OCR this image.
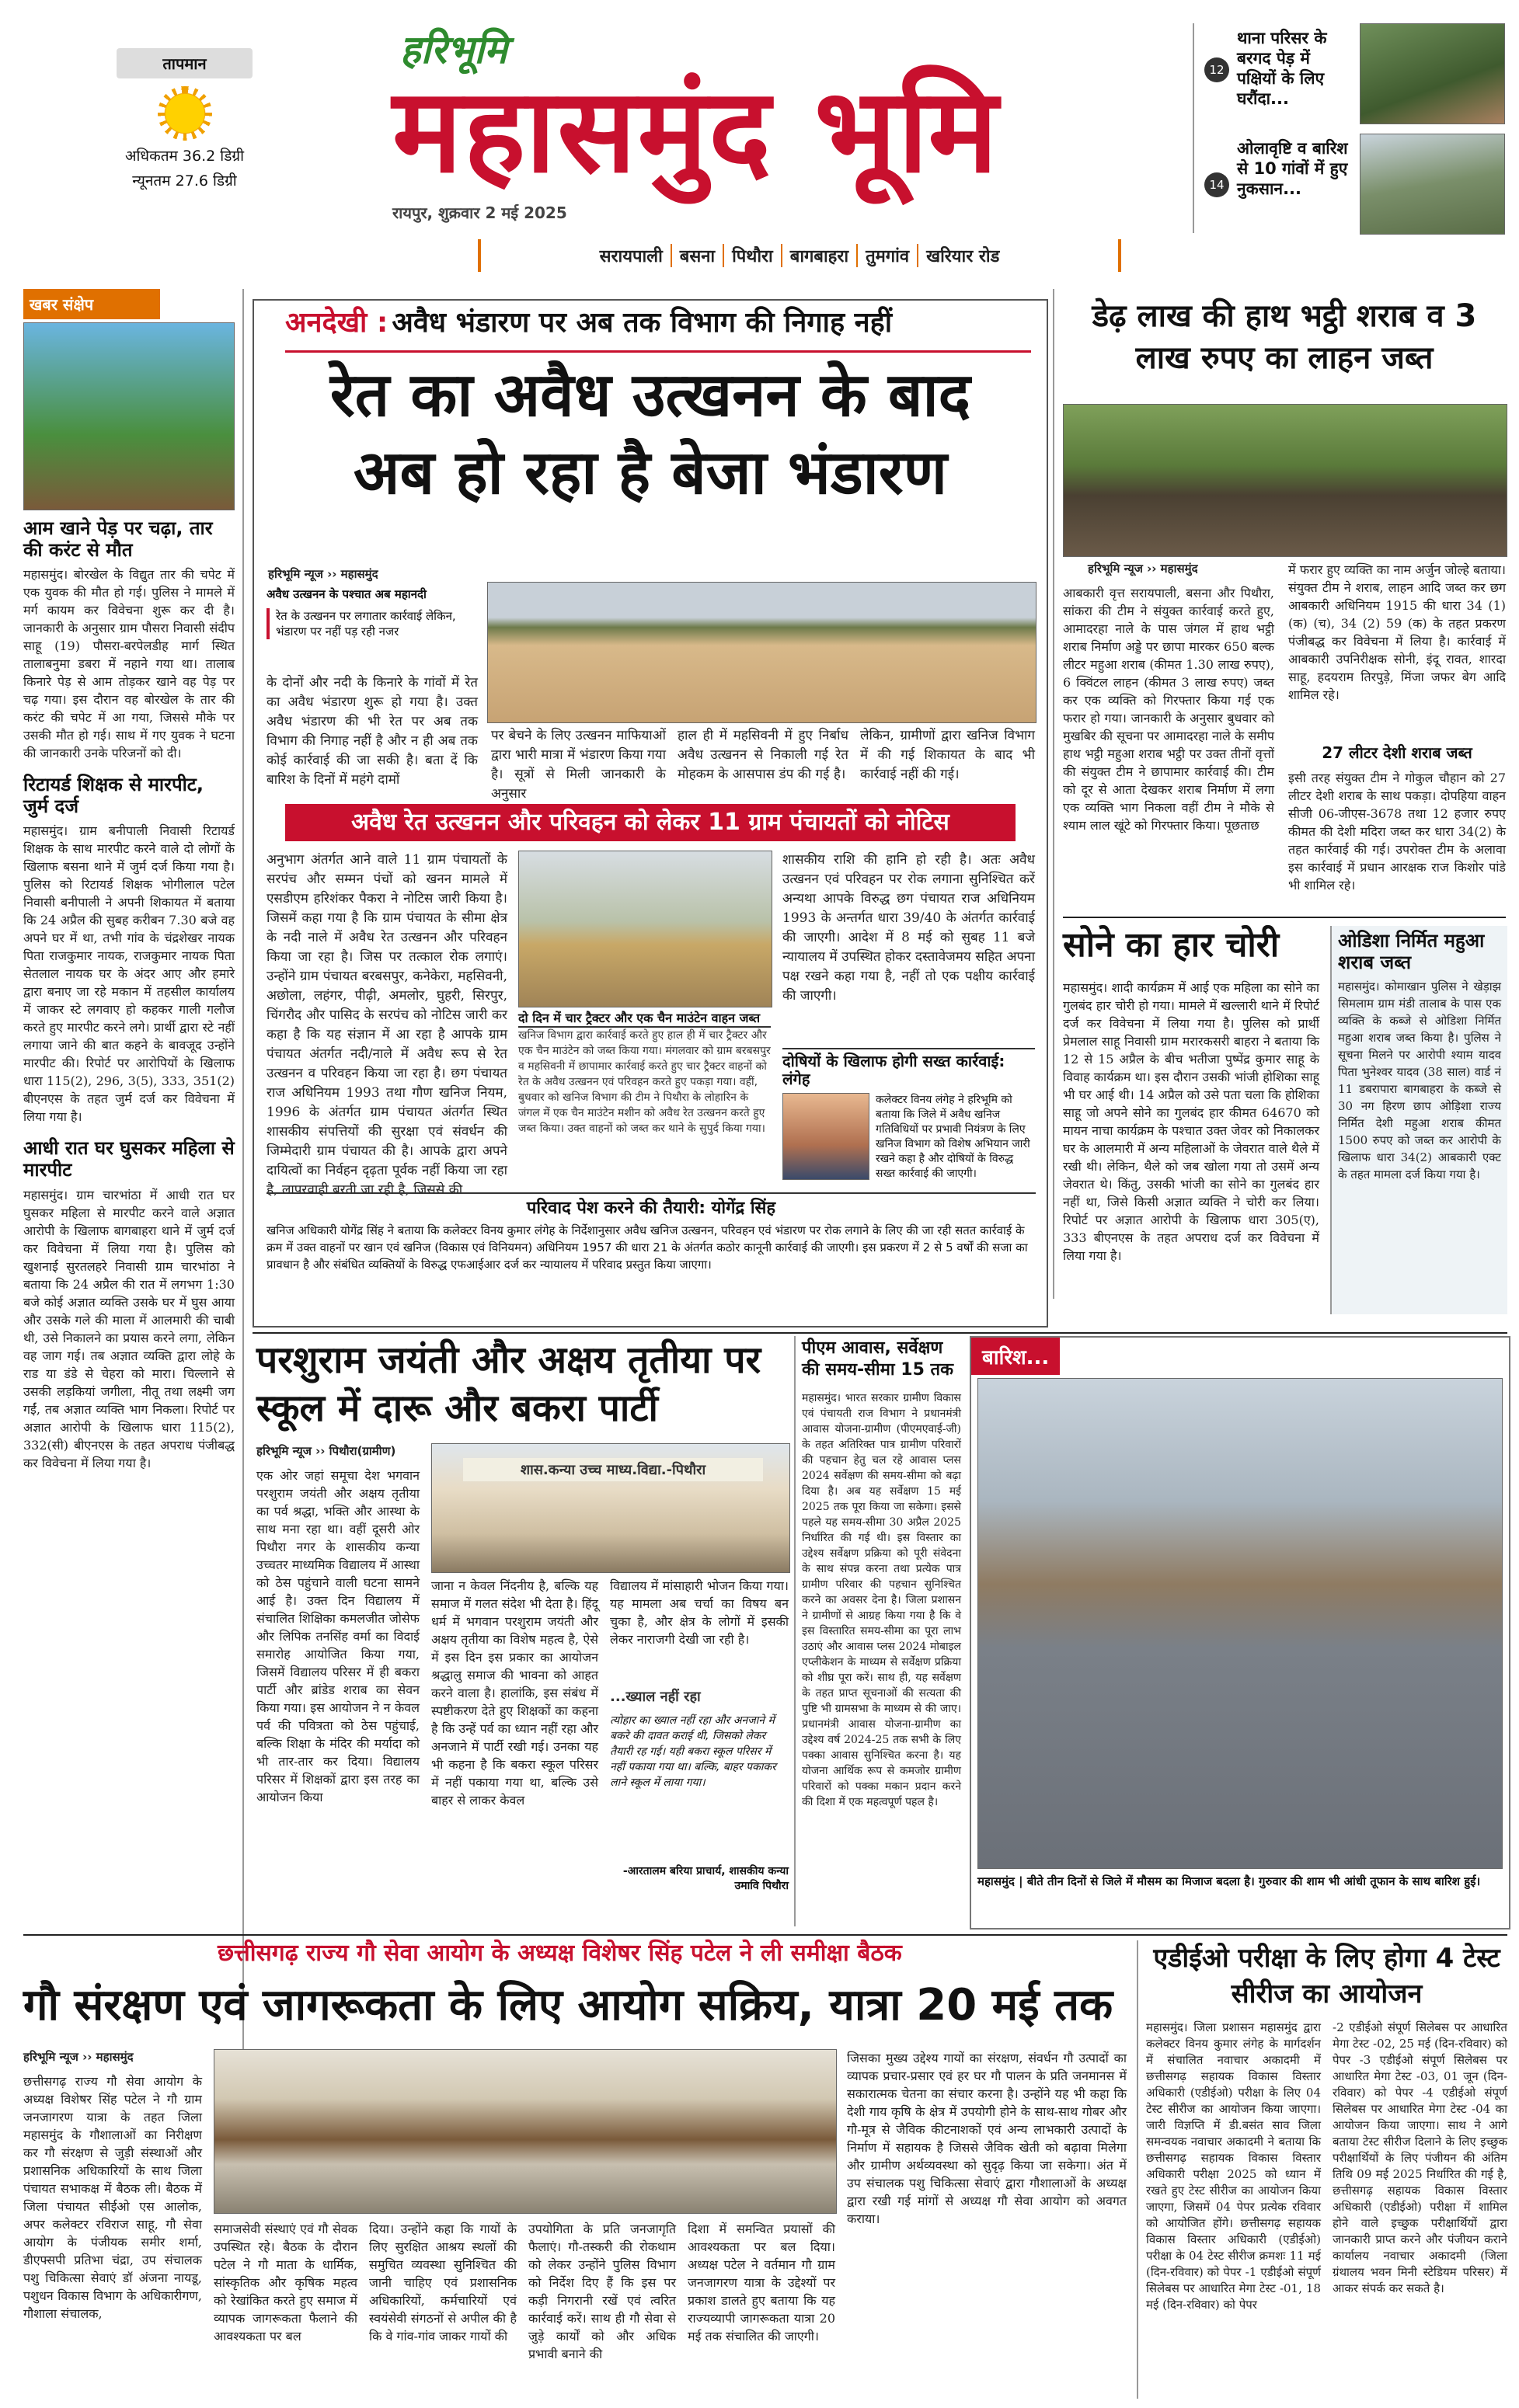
तापमान
अधिकतम 36.2 डिग्री
न्यूनतम 27.6 डिग्री
हरिभूमि
महासमुंद भूमि
रायपुर, शुक्रवार 2 मई 2025
सरायपाली	बसना	पिथौरा	बागबाहरा	तुमगांव	खरियार रोड
12
थाना परिसर के बरगद पेड़ में पक्षियों के लिए घरौंदा...
14
ओलावृष्टि व बारिश से 10 गांवों में हुए नुकसान...
खबर संक्षेप
आम खाने पेड़ पर चढ़ा, तार की करंट से मौत
महासमुंद। बोरखेल के विद्युत तार की चपेट में एक युवक की मौत हो गई। पुलिस ने मामले में मर्ग कायम कर विवेचना शुरू कर दी है। जानकारी के अनुसार ग्राम पौसरा निवासी संदीप साहू (19) पौसरा-बरपेलडीह मार्ग स्थित तालाबनुमा डबरा में नहाने गया था। तालाब किनारे पेड़ से आम तोड़कर खाने वह पेड़ पर चढ़ गया। इस दौरान वह बोरखेल के तार की करंट की चपेट में आ गया, जिससे मौके पर उसकी मौत हो गई। साथ में गए युवक ने घटना की जानकारी उनके परिजनों को दी।
रिटायर्ड शिक्षक से मारपीट, जुर्म दर्ज
महासमुंद। ग्राम बनीपाली निवासी रिटायर्ड शिक्षक के साथ मारपीट करने वाले दो लोगों के खिलाफ बसना थाने में जुर्म दर्ज किया गया है। पुलिस को रिटायर्ड शिक्षक भोगीलाल पटेल निवासी बनीपाली ने अपनी शिकायत में बताया कि 24 अप्रैल की सुबह करीबन 7.30 बजे वह अपने घर में था, तभी गांव के चंद्रशेखर नायक पिता राजकुमार नायक, राजकुमार नायक पिता सेतलाल नायक घर के अंदर आए और हमारे द्वारा बनाए जा रहे मकान में तहसील कार्यालय में जाकर स्टे लगवाए हो कहकर गाली गलौज करते हुए मारपीट करने लगे। प्रार्थी द्वारा स्टे नहीं लगाया जाने की बात कहने के बावजूद उन्होंने मारपीट की। रिपोर्ट पर आरोपियों के खिलाफ धारा 115(2), 296, 3(5), 333, 351(2) बीएनएस के तहत जुर्म दर्ज कर विवेचना में लिया गया है।
आधी रात घर घुसकर महिला से मारपीट
महासमुंद। ग्राम चारभांठा में आधी रात घर घुसकर महिला से मारपीट करने वाले अज्ञात आरोपी के खिलाफ बागबाहरा थाने में जुर्म दर्ज कर विवेचना में लिया गया है। पुलिस को खुशनाई सुरतलहरे निवासी ग्राम चारभांठा ने बताया कि 24 अप्रैल की रात में लगभग 1:30 बजे कोई अज्ञात व्यक्ति उसके घर में घुस आया और उसके गले की माला में आलमारी की चाबी थी, उसे निकालने का प्रयास करने लगा, लेकिन वह जाग गई। तब अज्ञात व्यक्ति द्वारा लोहे के राड या डंडे से चेहरा को मारा। चिल्लाने से उसकी लड़कियां जगीला, नीतू तथा लक्ष्मी जग गईं, तब अज्ञात व्यक्ति भाग निकला। रिपोर्ट पर अज्ञात आरोपी के खिलाफ धारा 115(2), 332(सी) बीएनएस के तहत अपराध पंजीबद्ध कर विवेचना में लिया गया है।
अनदेखी : अवैध भंडारण पर अब तक विभाग की निगाह नहीं
रेत का अवैध उत्खनन के बाद अब हो रहा है बेजा भंडारण
हरिभूमि न्यूज ›› महासमुंद
अवैध उत्खनन के पश्चात अब महानदी
रेत के उत्खनन पर लगातार कार्रवाई लेकिन, भंडारण पर नहीं पड़ रही नजर
के दोनों और नदी के किनारे के गांवों में रेत का अवैध भंडारण शुरू हो गया है। उक्त अवैध भंडारण की भी रेत पर अब तक विभाग की निगाह नहीं है और न ही अब तक कोई कार्रवाई की जा सकी है। बता दें कि बारिश के दिनों में महंगे दामों
पर बेचने के लिए उत्खनन माफियाओं द्वारा भारी मात्रा में भंडारण किया गया है। सूत्रों से मिली जानकारी के अनुसार
हाल ही में महसिवनी में हुए निर्बाध अवैध उत्खनन से निकाली गई रेत मोहकम के आसपास डंप की गई है।
लेकिन, ग्रामीणों द्वारा खनिज विभाग में की गई शिकायत के बाद भी कार्रवाई नहीं की गई।
अवैध रेत उत्खनन और परिवहन को लेकर 11 ग्राम पंचायतों को नोटिस
अनुभाग अंतर्गत आने वाले 11 ग्राम पंचायतों के सरपंच और सम्मन पंचों को खनन मामले में एसडीएम हरिशंकर पैकरा ने नोटिस जारी किया है। जिसमें कहा गया है कि ग्राम पंचायत के सीमा क्षेत्र के नदी नाले में अवैध रेत उत्खनन और परिवहन किया जा रहा है। जिस पर तत्काल रोक लगाएं। उन्होंने ग्राम पंचायत बरबसपुर, कनेकेरा, महसिवनी, अछोला, लहंगर, पीढ़ी, अमलोर, घुहरी, सिरपुर, चिंगरौद और पासिद के सरपंच को नोटिस जारी कर कहा है कि यह संज्ञान में आ रहा है आपके ग्राम पंचायत अंतर्गत नदी/नाले में अवैध रूप से रेत उत्खनन व परिवहन किया जा रहा है। छग पंचायत राज अधिनियम 1993 तथा गौण खनिज नियम, 1996 के अंतर्गत ग्राम पंचायत अंतर्गत स्थित शासकीय संपत्तियों की सुरक्षा एवं संवर्धन की जिम्मेदारी ग्राम पंचायत की है। आपके द्वारा अपने दायित्वों का निर्वहन दृढ़ता पूर्वक नहीं किया जा रहा है, लापरवाही बरती जा रही है, जिससे की
दो दिन में चार ट्रैक्टर और एक चैन माउंटेन वाहन जब्त
खनिज विभाग द्वारा कार्रवाई करते हुए हाल ही में चार ट्रैक्टर और एक चैन माउंटेन को जब्त किया गया। मंगलवार को ग्राम बरबसपुर व महसिवनी में छापामार कार्रवाई करते हुए चार ट्रैक्टर वाहनों को रेत के अवैध उत्खनन एवं परिवहन करते हुए पकड़ा गया। वहीं, बुधवार को खनिज विभाग की टीम ने पिथौरा के लोहारिन के जंगल में एक चैन माउंटेन मशीन को अवैध रेत उत्खनन करते हुए जब्त किया। उक्त वाहनों को जब्त कर थाने के सुपुर्द किया गया।
शासकीय राशि की हानि हो रही है। अतः अवैध उत्खनन एवं परिवहन पर रोक लगाना सुनिश्चित करें अन्यथा आपके विरुद्ध छग पंचायत राज अधिनियम 1993 के अन्तर्गत धारा 39/40 के अंतर्गत कार्रवाई की जाएगी। आदेश में 8 मई को सुबह 11 बजे न्यायालय में उपस्थित होकर दस्तावेजमय सहित अपना पक्ष रखने कहा गया है, नहीं तो एक पक्षीय कार्रवाई की जाएगी।
दोषियों के खिलाफ होगी सख्त कार्रवाई: लंगेह
कलेक्टर विनय लंगेह ने हरिभूमि को बताया कि जिले में अवैध खनिज गतिविधियों पर प्रभावी नियंत्रण के लिए खनिज विभाग को विशेष अभियान जारी रखने कहा है और दोषियों के विरुद्ध सख्त कार्रवाई की जाएगी।
परिवाद पेश करने की तैयारी: योगेंद्र सिंह
खनिज अधिकारी योगेंद्र सिंह ने बताया कि कलेक्टर विनय कुमार लंगेह के निर्देशानुसार अवैध खनिज उत्खनन, परिवहन एवं भंडारण पर रोक लगाने के लिए की जा रही सतत कार्रवाई के क्रम में उक्त वाहनों पर खान एवं खनिज (विकास एवं विनियमन) अधिनियम 1957 की धारा 21 के अंतर्गत कठोर कानूनी कार्रवाई की जाएगी। इस प्रकरण में 2 से 5 वर्षों की सजा का प्रावधान है और संबंधित व्यक्तियों के विरुद्ध एफआईआर दर्ज कर न्यायालय में परिवाद प्रस्तुत किया जाएगा।
डेढ़ लाख की हाथ भट्ठी शराब व 3 लाख रुपए का लाहन जब्त
हरिभूमि न्यूज ›› महासमुंद
आबकारी वृत्त सरायपाली, बसना और पिथौरा, सांकरा की टीम ने संयुक्त कार्रवाई करते हुए, आमादरहा नाले के पास जंगल में हाथ भट्ठी शराब निर्माण अड्डे पर छापा मारकर 650 बल्क लीटर महुआ शराब (कीमत 1.30 लाख रुपए), 6 क्विंटल लाहन (कीमत 3 लाख रुपए) जब्त कर एक व्यक्ति को गिरफ्तार किया गई एक फरार हो गया। जानकारी के अनुसार बुधवार को मुखबिर की सूचना पर आमादरहा नाले के समीप हाथ भट्ठी महुआ शराब भट्ठी पर उक्त तीनों वृत्तों की संयुक्त टीम ने छापामार कार्रवाई की। टीम को दूर से आता देखकर शराब निर्माण में लगा एक व्यक्ति भाग निकला वहीं टीम ने मौके से श्याम लाल खूंटे को गिरफ्तार किया। पूछताछ
में फरार हुए व्यक्ति का नाम अर्जुन जोल्हे बताया। संयुक्त टीम ने शराब, लाहन आदि जब्त कर छग आबकारी अधिनियम 1915 की धारा 34 (1) (क) (च), 34 (2) 59 (क) के तहत प्रकरण पंजीबद्ध कर विवेचना में लिया है। कार्रवाई में आबकारी उपनिरीक्षक सोनी, इंदू रावत, शारदा साहू, हदयराम तिरपुड़े, मिंजा जफर बेग आदि शामिल रहे।
27 लीटर देशी शराब जब्त
इसी तरह संयुक्त टीम ने गोकुल चौहान को 27 लीटर देशी शराब के साथ पकड़ा। दोपहिया वाहन सीजी 06-जीएस-3678 तथा 12 हजार रुपए कीमत की देशी मदिरा जब्त कर धारा 34(2) के तहत कार्रवाई की गई। उपरोक्त टीम के अलावा इस कार्रवाई में प्रधान आरक्षक राज किशोर पांडे भी शामिल रहे।
सोने का हार चोरी
महासमुंद। शादी कार्यक्रम में आई एक महिला का सोने का गुलबंद हार चोरी हो गया। मामले में खल्लारी थाने में रिपोर्ट दर्ज कर विवेचना में लिया गया है। पुलिस को प्रार्थी प्रेमलाल साहू निवासी ग्राम मरारकसरी बाहरा ने बताया कि 12 से 15 अप्रैल के बीच भतीजा पुष्पेंद्र कुमार साहू के विवाह कार्यक्रम था। इस दौरान उसकी भांजी होशिका साहू भी घर आई थी। 14 अप्रैल को उसे पता चला कि होशिका साहू जो अपने सोने का गुलबंद हार कीमत 64670 को मायन नाचा कार्यक्रम के पश्चात उक्त जेवर को निकालकर घर के आलमारी में अन्य महिलाओं के जेवरात वाले थैले में रखी थी। लेकिन, थैले को जब खोला गया तो उसमें अन्य जेवरात थे। किंतु, उसकी भांजी का सोने का गुलबंद हार नहीं था, जिसे किसी अज्ञात व्यक्ति ने चोरी कर लिया। रिपोर्ट पर अज्ञात आरोपी के खिलाफ धारा 305(ए), 333 बीएनएस के तहत अपराध दर्ज कर विवेचना में लिया गया है।
ओडिशा निर्मित महुआ शराब जब्त
महासमुंद। कोमाखान पुलिस ने खेड़ाझ सिमलाम ग्राम मंडी तालाब के पास एक व्यक्ति के कब्जे से ओडिशा निर्मित महुआ शराब जब्त किया है। पुलिस ने सूचना मिलने पर आरोपी श्याम यादव पिता भुनेश्वर यादव (38 साल) वार्ड नं 11 डबरापारा बागबाहरा के कब्जे से 30 नग हिरण छाप ओड़िशा राज्य निर्मित देशी महुआ शराब कीमत 1500 रुपए को जब्त कर आरोपी के खिलाफ धारा 34(2) आबकारी एक्ट के तहत मामला दर्ज किया गया है।
परशुराम जयंती और अक्षय तृतीया पर स्कूल में दारू और बकरा पार्टी
हरिभूमि न्यूज ›› पिथौरा(ग्रामीण)
एक ओर जहां समूचा देश भगवान परशुराम जयंती और अक्षय तृतीया का पर्व श्रद्धा, भक्ति और आस्था के साथ मना रहा था। वहीं दूसरी ओर पिथौरा नगर के शासकीय कन्या उच्चतर माध्यमिक विद्यालय में आस्था को ठेस पहुंचाने वाली घटना सामने आई है। उक्त दिन विद्यालय में संचालित शिक्षिका कमलजीत जोसेफ और लिपिक तनसिंह वर्मा का विदाई समारोह आयोजित किया गया, जिसमें विद्यालय परिसर में ही बकरा पार्टी और ब्रांडेड शराब का सेवन किया गया। इस आयोजन ने न केवल पर्व की पवित्रता को ठेस पहुंचाई, बल्कि शिक्षा के मंदिर की मर्यादा को भी तार-तार कर दिया। विद्यालय परिसर में शिक्षकों द्वारा इस तरह का आयोजन किया
शास.कन्या उच्च माध्य.विद्या.-पिथौरा
जाना न केवल निंदनीय है, बल्कि यह समाज में गलत संदेश भी देता है। हिंदू धर्म में भगवान परशुराम जयंती और अक्षय तृतीया का विशेष महत्व है, ऐसे में इस दिन इस प्रकार का आयोजन श्रद्धालु समाज की भावना को आहत करने वाला है। हालांकि, इस संबंध में स्पष्टीकरण देते हुए शिक्षकों का कहना है कि उन्हें पर्व का ध्यान नहीं रहा और अनजाने में पार्टी रखी गई। उनका यह भी कहना है कि बकरा स्कूल परिसर में नहीं पकाया गया था, बल्कि उसे बाहर से लाकर केवल
विद्यालय में मांसाहारी भोजन किया गया। यह मामला अब चर्चा का विषय बन चुका है, और क्षेत्र के लोगों में इसकी लेकर नाराजगी देखी जा रही है।
...ख्याल नहीं रहा
त्योहार का ख्याल नहीं रहा और अनजाने में बकरे की दावत कराई थी, जिसको लेकर तैयारी रह गई। यही बकरा स्कूल परिसर में नहीं पकाया गया था। बल्कि, बाहर पकाकर लाने स्कूल में लाया गया।
-आरतालम बरिया प्राचार्य, शासकीय कन्या उमावि पिथौरा
पीएम आवास, सर्वेक्षण की समय-सीमा 15 तक
महासमुंद। भारत सरकार ग्रामीण विकास एवं पंचायती राज विभाग ने प्रधानमंत्री आवास योजना-ग्रामीण (पीएमएवाई-जी) के तहत अतिरिक्त पात्र ग्रामीण परिवारों की पहचान हेतु चल रहे आवास प्लस 2024 सर्वेक्षण की समय-सीमा को बढ़ा दिया है। अब यह सर्वेक्षण 15 मई 2025 तक पूरा किया जा सकेगा। इससे पहले यह समय-सीमा 30 अप्रैल 2025 निर्धारित की गई थी। इस विस्तार का उद्देश्य सर्वेक्षण प्रक्रिया को पूरी संवेदना के साथ संपन्न करना तथा प्रत्येक पात्र ग्रामीण परिवार की पहचान सुनिश्चित करने का अवसर देना है। जिला प्रशासन ने ग्रामीणों से आग्रह किया गया है कि वे इस विस्तारित समय-सीमा का पूरा लाभ उठाएं और आवास प्लस 2024 मोबाइल एप्लीकेशन के माध्यम से सर्वेक्षण प्रक्रिया को शीघ्र पूरा करें। साथ ही, यह सर्वेक्षण के तहत प्राप्त सूचनाओं की सत्यता की पुष्टि भी ग्रामसभा के माध्यम से की जाए। प्रधानमंत्री आवास योजना-ग्रामीण का उद्देश्य वर्ष 2024-25 तक सभी के लिए पक्का आवास सुनिश्चित करना है। यह योजना आर्थिक रूप से कमजोर ग्रामीण परिवारों को पक्का मकान प्रदान करने की दिशा में एक महत्वपूर्ण पहल है।
बारिश...
महासमुंद | बीते तीन दिनों से जिले में मौसम का मिजाज बदला है। गुरुवार की शाम भी आंधी तूफान के साथ बारिश हुई।
छत्तीसगढ़ राज्य गौ सेवा आयोग के अध्यक्ष विशेषर सिंह पटेल ने ली समीक्षा बैठक
गौ संरक्षण एवं जागरूकता के लिए आयोग सक्रिय, यात्रा 20 मई तक
हरिभूमि न्यूज ›› महासमुंद
छत्तीसगढ़ राज्य गौ सेवा आयोग के अध्यक्ष विशेषर सिंह पटेल ने गौ ग्राम जनजागरण यात्रा के तहत जिला महासमुंद के गौशालाओं का निरीक्षण कर गौ संरक्षण से जुड़ी संस्थाओं और प्रशासनिक अधिकारियों के साथ जिला पंचायत सभाकक्ष में बैठक ली। बैठक में जिला पंचायत सीईओ एस आलोक, अपर कलेक्टर रविराज साहू, गौ सेवा आयोग के पंजीयक समीर शर्मा, डीएफ्सपी प्रतिभा चंद्रा, उप संचालक पशु चिकित्सा सेवाएं डॉ अंजना नायडू, पशुधन विकास विभाग के अधिकारीगण, गौशाला संचालक,
समाजसेवी संस्थाएं एवं गौ सेवक उपस्थित रहे। बैठक के दौरान पटेल ने गौ माता के धार्मिक, सांस्कृतिक और कृषिक महत्व को रेखांकित करते हुए समाज में व्यापक जागरूकता फैलाने की आवश्यकता पर बल
दिया। उन्होंने कहा कि गायों के लिए सुरक्षित आश्रय स्थलों की समुचित व्यवस्था सुनिश्चित की जानी चाहिए एवं प्रशासनिक अधिकारियों, कर्मचारियों एवं स्वयंसेवी संगठनों से अपील की है कि वे गांव-गांव जाकर गायों की
उपयोगिता के प्रति जनजागृति फैलाएं। गौ-तस्करी की रोकथाम को लेकर उन्होंने पुलिस विभाग को निर्देश दिए हैं कि इस पर कड़ी निगरानी रखें एवं त्वरित कार्रवाई करें। साथ ही गौ सेवा से जुड़े कार्यों को और अधिक प्रभावी बनाने की
दिशा में समन्वित प्रयासों की आवश्यकता पर बल दिया। अध्यक्ष पटेल ने वर्तमान गौ ग्राम जनजागरण यात्रा के उद्देश्यों पर प्रकाश डालते हुए बताया कि यह राज्यव्यापी जागरूकता यात्रा 20 मई तक संचालित की जाएगी।
जिसका मुख्य उद्देश्य गायों का संरक्षण, संवर्धन गौ उत्पादों का व्यापक प्रचार-प्रसार एवं हर घर गौ पालन के प्रति जनमानस में सकारात्मक चेतना का संचार करना है। उन्होंने यह भी कहा कि देशी गाय कृषि के क्षेत्र में उपयोगी होने के साथ-साथ गोबर और गौ-मूत्र से जैविक कीटनाशकों एवं अन्य लाभकारी उत्पादों के निर्माण में सहायक है जिससे जैविक खेती को बढ़ावा मिलेगा और ग्रामीण अर्थव्यवस्था को सुदृढ़ किया जा सकेगा। अंत में उप संचालक पशु चिकित्सा सेवाएं द्वारा गौशालाओं के अध्यक्ष द्वारा रखी गई मांगों से अध्यक्ष गौ सेवा आयोग को अवगत कराया।
एडीईओ परीक्षा के लिए होगा 4 टेस्ट सीरीज का आयोजन
महासमुंद। जिला प्रशासन महासमुंद द्वारा कलेक्टर विनय कुमार लंगेह के मार्गदर्शन में संचालित नवाचार अकादमी में छत्तीसगढ़ सहायक विकास विस्तार अधिकारी (एडीईओ) परीक्षा के लिए 04 टेस्ट सीरीज का आयोजन किया जाएगा। जारी विज्ञप्ति में डी.बसंत साव जिला समन्वयक नवाचार अकादमी ने बताया कि छत्तीसगढ़ सहायक विकास विस्तार अधिकारी परीक्षा 2025 को ध्यान में रखते हुए टेस्ट सीरीज का आयोजन किया जाएगा, जिसमें 04 पेपर प्रत्येक रविवार को आयोजित होंगे। छत्तीसगढ़ सहायक विकास विस्तार अधिकारी (एडीईओ) परीक्षा के 04 टेस्ट सीरीज क्रमशः 11 मई (दिन-रविवार) को पेपर -1 एडीईओ संपूर्ण सिलेबस पर आधारित मेगा टेस्ट -01, 18 मई (दिन-रविवार) को पेपर
-2 एडीईओ संपूर्ण सिलेबस पर आधारित मेगा टेस्ट -02, 25 मई (दिन-रविवार) को पेपर -3 एडीईओ संपूर्ण सिलेबस पर आधारित मेगा टेस्ट -03, 01 जून (दिन-रविवार) को पेपर -4 एडीईओ संपूर्ण सिलेबस पर आधारित मेगा टेस्ट -04 का आयोजन किया जाएगा। साथ ने आगे बताया टेस्ट सीरीज दिलाने के लिए इच्छुक परीक्षार्थियों के लिए पंजीयन की अंतिम तिथि 09 मई 2025 निर्धारित की गई है, छत्तीसगढ़ सहायक विकास विस्तार अधिकारी (एडीईओ) परीक्षा में शामिल होने वाले इच्छुक परीक्षार्थियों द्वारा जानकारी प्राप्त करने और पंजीयन कराने कार्यालय नवाचार अकादमी (जिला ग्रंथालय भवन मिनी स्टेडियम परिसर) में आकर संपर्क कर सकते है।
